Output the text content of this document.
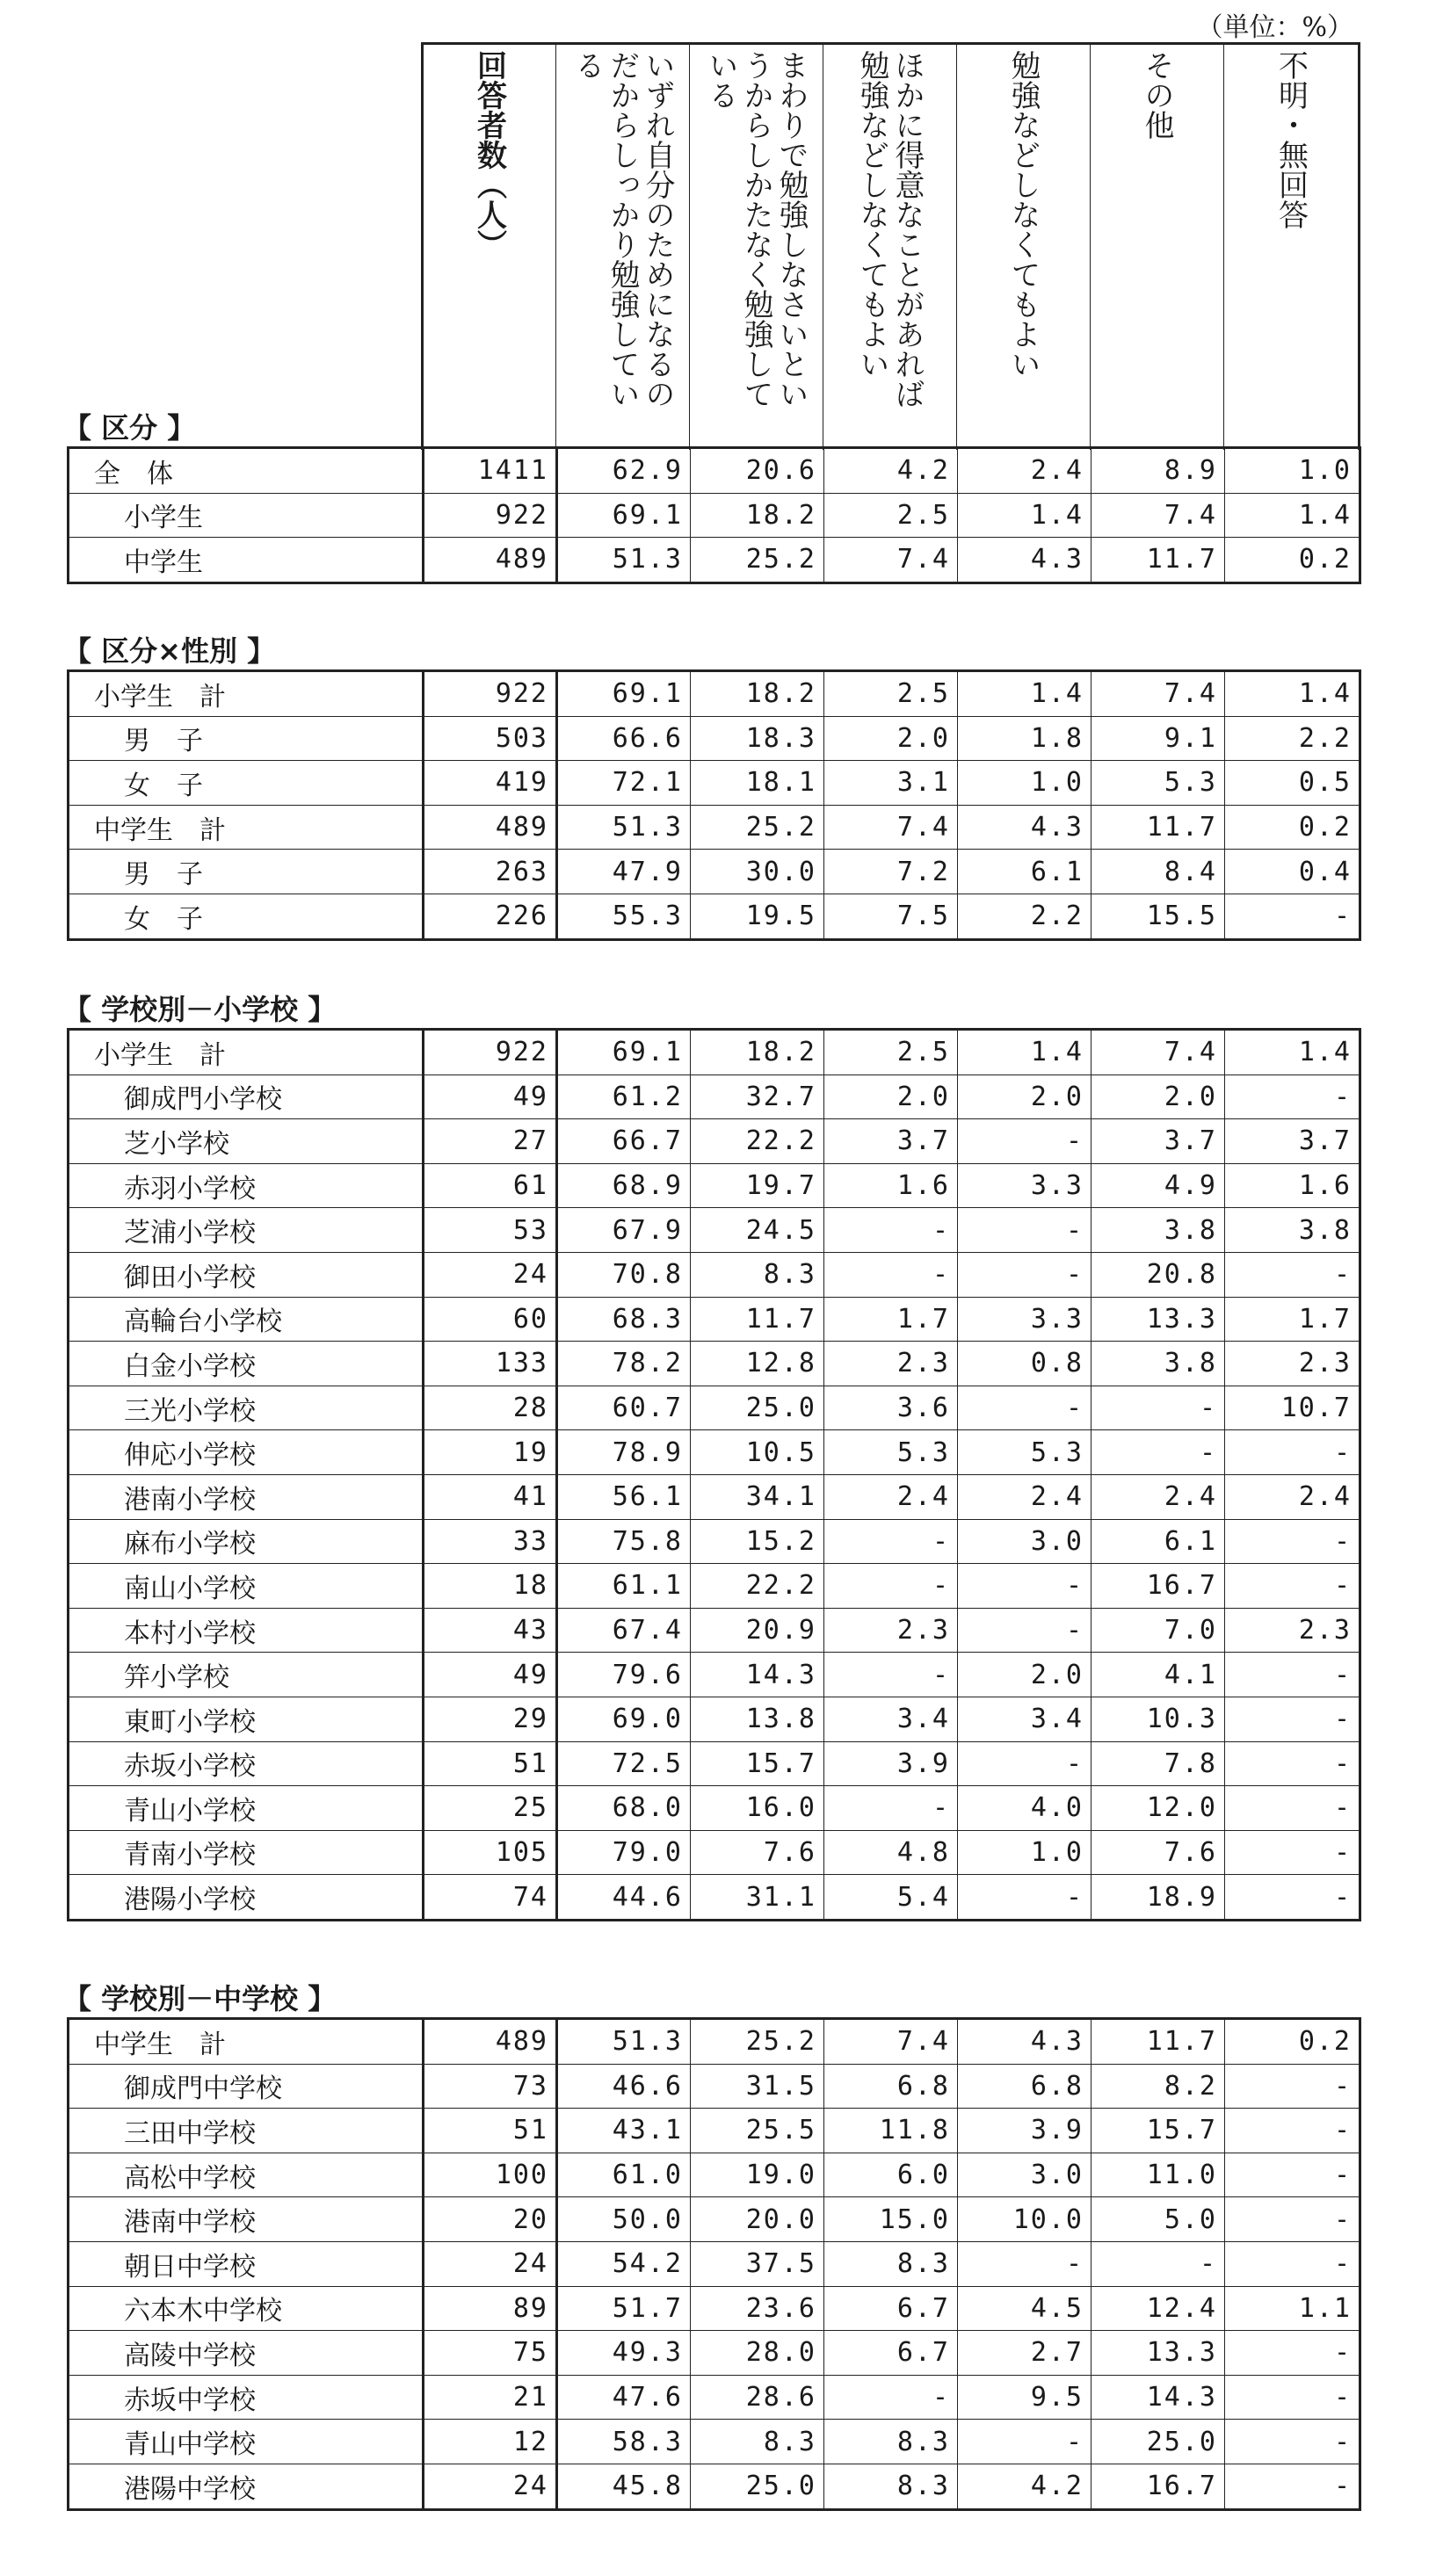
（単位：%）

回答者数（人）	いずれ自分のためになるのだからしっかり勉強している	まわりで勉強しなさいというからしかたなく勉強している	ほかに得意なことがあれば勉強などしなくてもよい	勉強などしなくてもよい	その他	不明・無回答
【 区分 】
全　体	1411	62.9	20.6	4.2	2.4	8.9	1.0
小学生	922	69.1	18.2	2.5	1.4	7.4	1.4
中学生	489	51.3	25.2	7.4	4.3	11.7	0.2
【 区分×性別 】
小学生　計	922	69.1	18.2	2.5	1.4	7.4	1.4
男　子	503	66.6	18.3	2.0	1.8	9.1	2.2
女　子	419	72.1	18.1	3.1	1.0	5.3	0.5
中学生　計	489	51.3	25.2	7.4	4.3	11.7	0.2
男　子	263	47.9	30.0	7.2	6.1	8.4	0.4
女　子	226	55.3	19.5	7.5	2.2	15.5	-
【 学校別－小学校 】
小学生　計	922	69.1	18.2	2.5	1.4	7.4	1.4
御成門小学校	49	61.2	32.7	2.0	2.0	2.0	-
芝小学校	27	66.7	22.2	3.7	-	3.7	3.7
赤羽小学校	61	68.9	19.7	1.6	3.3	4.9	1.6
芝浦小学校	53	67.9	24.5	-	-	3.8	3.8
御田小学校	24	70.8	8.3	-	-	20.8	-
高輪台小学校	60	68.3	11.7	1.7	3.3	13.3	1.7
白金小学校	133	78.2	12.8	2.3	0.8	3.8	2.3
三光小学校	28	60.7	25.0	3.6	-	-	10.7
伸応小学校	19	78.9	10.5	5.3	5.3	-	-
港南小学校	41	56.1	34.1	2.4	2.4	2.4	2.4
麻布小学校	33	75.8	15.2	-	3.0	6.1	-
南山小学校	18	61.1	22.2	-	-	16.7	-
本村小学校	43	67.4	20.9	2.3	-	7.0	2.3
笄小学校	49	79.6	14.3	-	2.0	4.1	-
東町小学校	29	69.0	13.8	3.4	3.4	10.3	-
赤坂小学校	51	72.5	15.7	3.9	-	7.8	-
青山小学校	25	68.0	16.0	-	4.0	12.0	-
青南小学校	105	79.0	7.6	4.8	1.0	7.6	-
港陽小学校	74	44.6	31.1	5.4	-	18.9	-
【 学校別－中学校 】
中学生　計	489	51.3	25.2	7.4	4.3	11.7	0.2
御成門中学校	73	46.6	31.5	6.8	6.8	8.2	-
三田中学校	51	43.1	25.5	11.8	3.9	15.7	-
高松中学校	100	61.0	19.0	6.0	3.0	11.0	-
港南中学校	20	50.0	20.0	15.0	10.0	5.0	-
朝日中学校	24	54.2	37.5	8.3	-	-	-
六本木中学校	89	51.7	23.6	6.7	4.5	12.4	1.1
高陵中学校	75	49.3	28.0	6.7	2.7	13.3	-
赤坂中学校	21	47.6	28.6	-	9.5	14.3	-
青山中学校	12	58.3	8.3	8.3	-	25.0	-
港陽中学校	24	45.8	25.0	8.3	4.2	16.7	-
